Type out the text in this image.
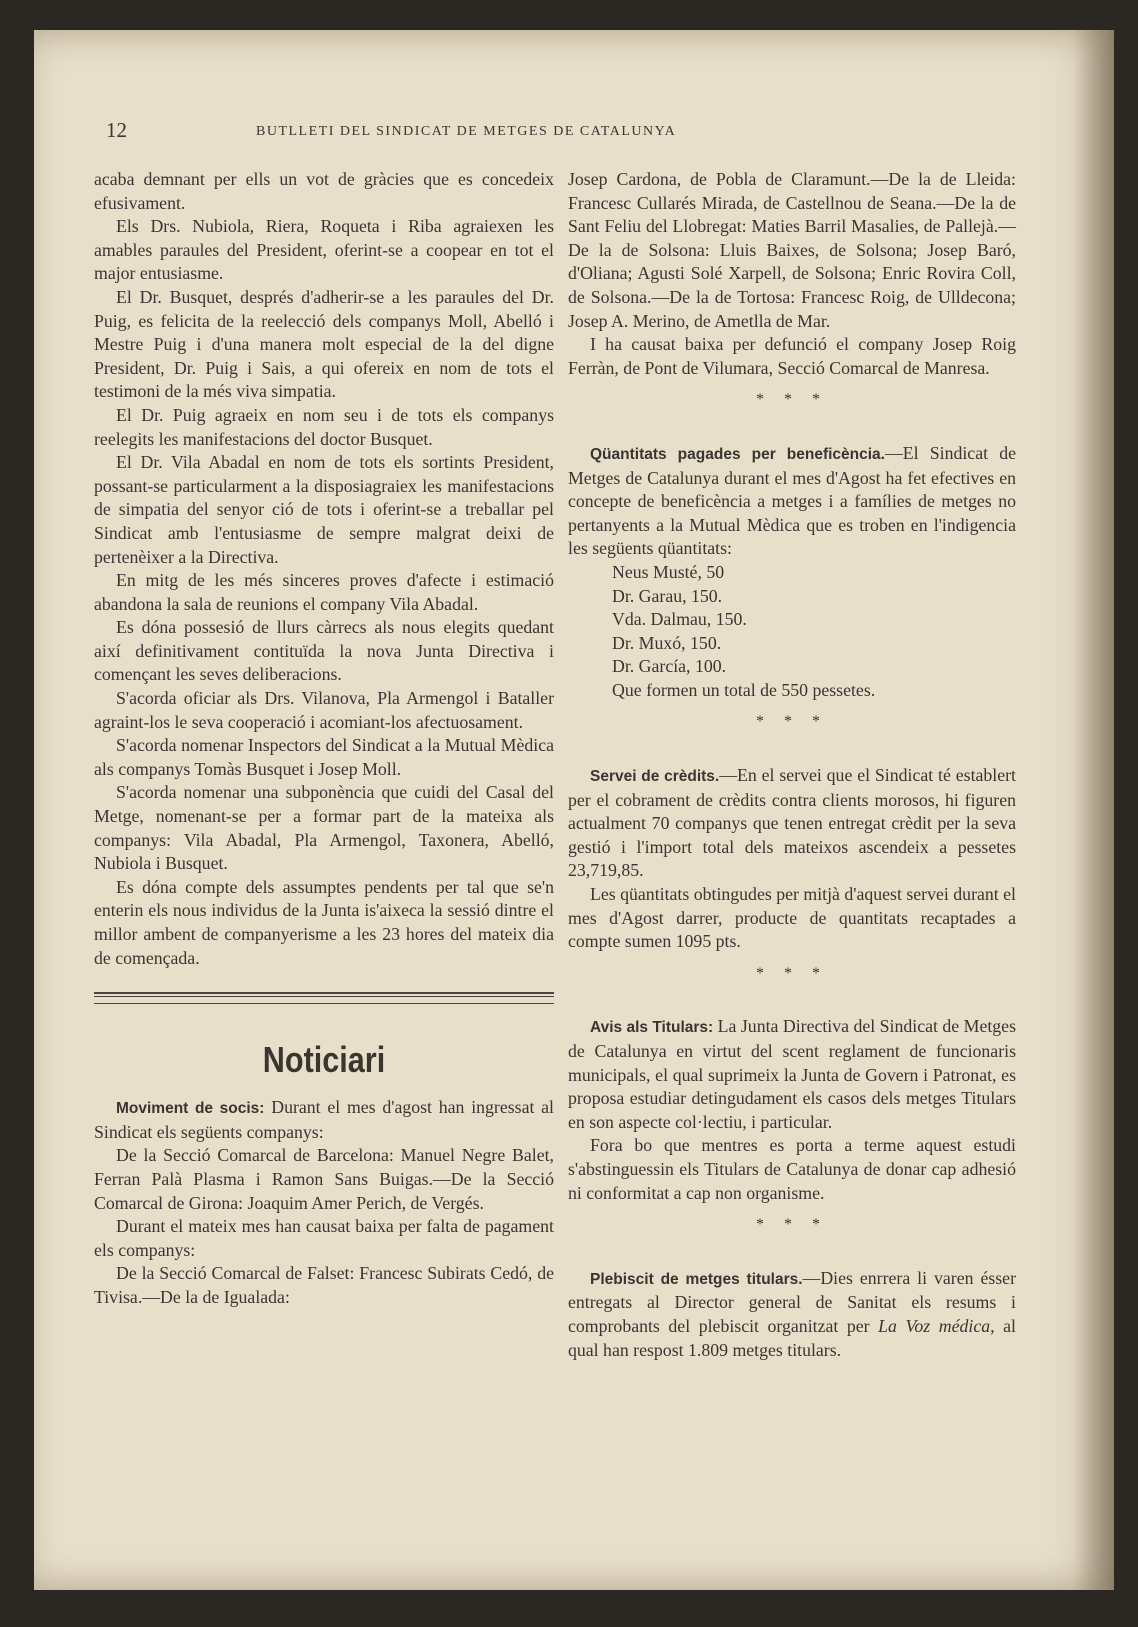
12	BUTLLETI DEL SINDICAT DE METGES DE CATALUNYA

acaba demnant per ells un vot de gràcies que es concedeix efusivament.

Els Drs. Nubiola, Riera, Roqueta i Riba agraiexen les amables paraules del President, oferint-se a coopear en tot el major entusiasme.

El Dr. Busquet, després d'adherir-se a les paraules del Dr. Puig, es felicita de la reelecció dels companys Moll, Abelló i Mestre Puig i d'una manera molt especial de la del digne President, Dr. Puig i Sais, a qui ofereix en nom de tots el testimoni de la més viva simpatia.

El Dr. Puig agraeix en nom seu i de tots els companys reelegits les manifestacions del doctor Busquet.

El Dr. Vila Abadal en nom de tots els sortints President, possant-se particularment a la disposiagraiex les manifestacions de simpatia del senyor ció de tots i oferint-se a treballar pel Sindicat amb l'entusiasme de sempre malgrat deixi de pertenèixer a la Directiva.

En mitg de les més sinceres proves d'afecte i estimació abandona la sala de reunions el company Vila Abadal.

Es dóna possesió de llurs càrrecs als nous elegits quedant així definitivament contituïda la nova Junta Directiva i començant les seves deliberacions.

S'acorda oficiar als Drs. Vilanova, Pla Armengol i Bataller agraint-los le seva cooperació i acomiant-los afectuosament.

S'acorda nomenar Inspectors del Sindicat a la Mutual Mèdica als companys Tomàs Busquet i Josep Moll.

S'acorda nomenar una subponència que cuidi del Casal del Metge, nomenant-se per a formar part de la mateixa als companys: Vila Abadal, Pla Armengol, Taxonera, Abelló, Nubiola i Busquet.

Es dóna compte dels assumptes pendents per tal que se'n enterin els nous individus de la Junta is'aixeca la sessió dintre el millor ambent de companyerisme a les 23 hores del mateix dia de començada.

Noticiari

Moviment de socis: Durant el mes d'agost han ingressat al Sindicat els següents companys:

De la Secció Comarcal de Barcelona: Manuel Negre Balet, Ferran Palà Plasma i Ramon Sans Buigas.—De la Secció Comarcal de Girona: Joaquim Amer Perich, de Vergés.

Durant el mateix mes han causat baixa per falta de pagament els companys:

De la Secció Comarcal de Falset: Francesc Subirats Cedó, de Tivisa.—De la de Igualada:

Josep Cardona, de Pobla de Claramunt.—De la de Lleida: Francesc Cullarés Mirada, de Castellnou de Seana.—De la de Sant Feliu del Llobregat: Maties Barril Masalies, de Pallejà.—De la de Solsona: Lluis Baixes, de Solsona; Josep Baró, d'Oliana; Agusti Solé Xarpell, de Solsona; Enric Rovira Coll, de Solsona.—De la de Tortosa: Francesc Roig, de Ulldecona; Josep A. Merino, de Ametlla de Mar.

I ha causat baixa per defunció el company Josep Roig Ferràn, de Pont de Vilumara, Secció Comarcal de Manresa.

* * *

Qüantitats pagades per beneficència.—El Sindicat de Metges de Catalunya durant el mes d'Agost ha fet efectives en concepte de beneficència a metges i a famílies de metges no pertanyents a la Mutual Mèdica que es troben en l'indigencia les següents qüantitats:

Neus Musté, 50
Dr. Garau, 150.
Vda. Dalmau, 150.
Dr. Muxó, 150.
Dr. García, 100.
Que formen un total de 550 pessetes.
* * *

Servei de crèdits.—En el servei que el Sindicat té establert per el cobrament de crèdits contra clients morosos, hi figuren actualment 70 companys que tenen entregat crèdit per la seva gestió i l'import total dels mateixos ascendeix a pessetes 23,719,85.

Les qüantitats obtingudes per mitjà d'aquest servei durant el mes d'Agost darrer, producte de quantitats recaptades a compte sumen 1095 pts.

* * *

Avis als Titulars: La Junta Directiva del Sindicat de Metges de Catalunya en virtut del scent reglament de funcionaris municipals, el qual suprimeix la Junta de Govern i Patronat, es proposa estudiar detingudament els casos dels metges Titulars en son aspecte col·lectiu, i particular.

Fora bo que mentres es porta a terme aquest estudi s'abstinguessin els Titulars de Catalunya de donar cap adhesió ni conformitat a cap non organisme.

* * *

Plebiscit de metges titulars.—Dies enrrera li varen ésser entregats al Director general de Sanitat els resums i comprobants del plebiscit organitzat per La Voz médica, al qual han respost 1.809 metges titulars.
